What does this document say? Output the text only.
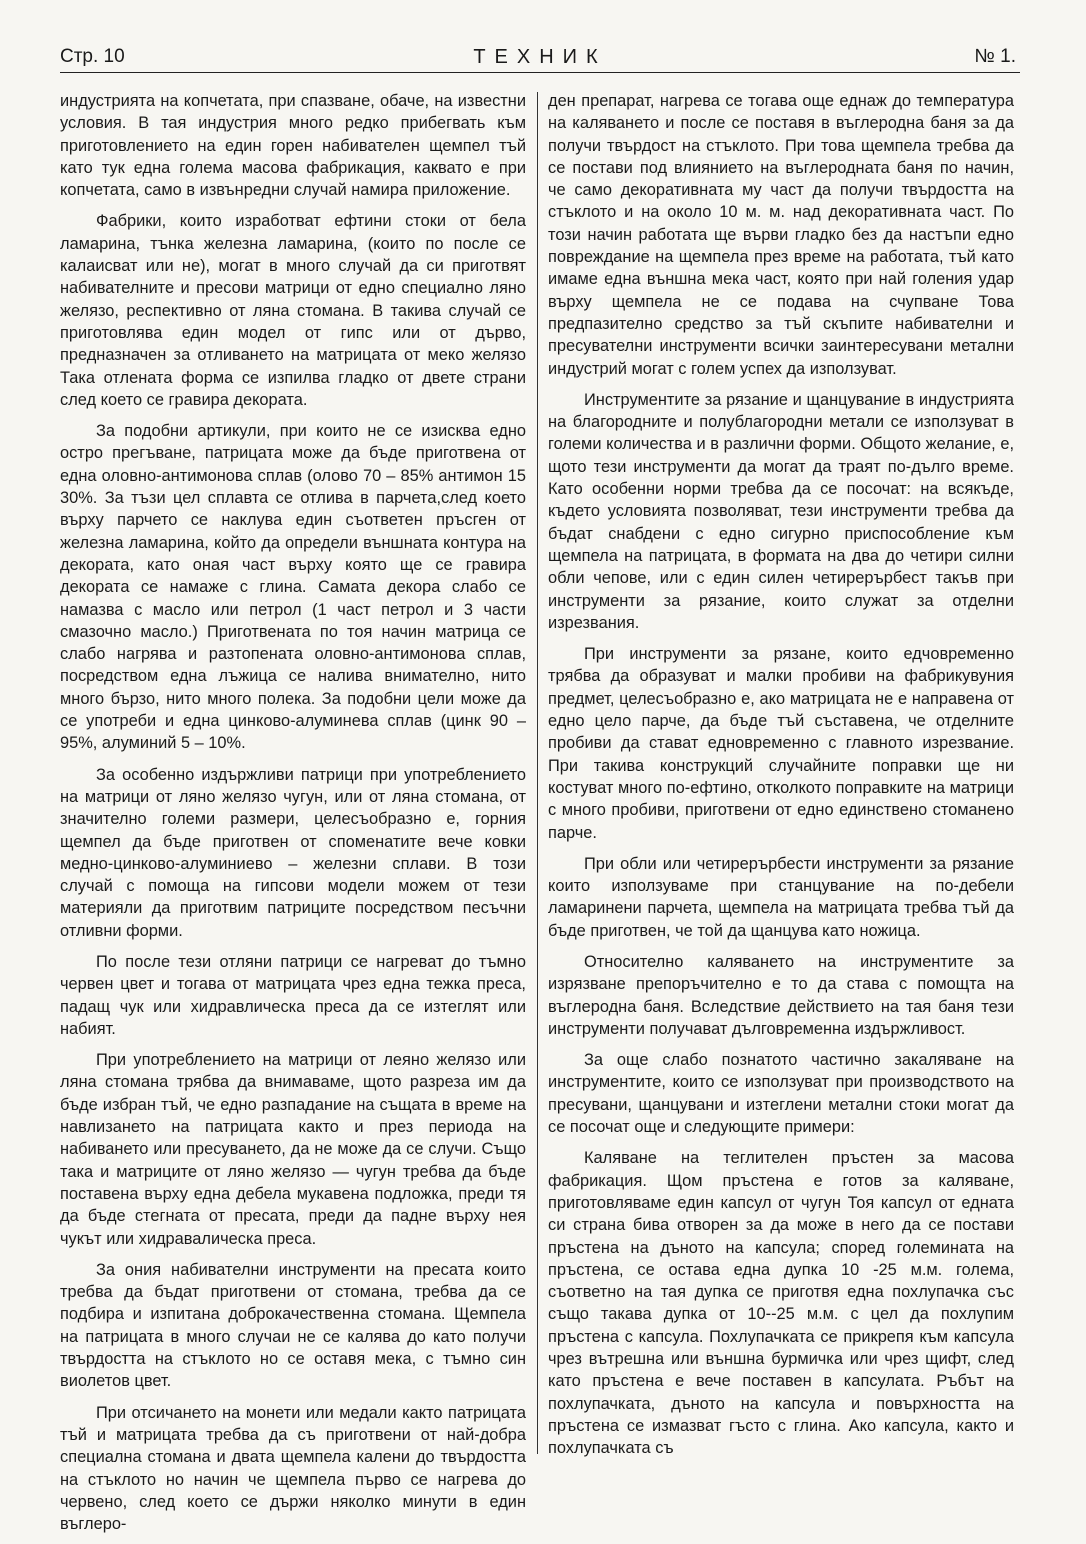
Стр. 10	ТЕХНИК	№ 1.

индустрията на копчетата, при спазване, обаче, на известни условия. В тая индустрия много редко прибегвать към приготовлението на един горен набивателен щемпел тъй като тук една голема масова фабрикация, каквато е при копчетата, само в извънредни случай намира приложение.

Фабрики, които изработват ефтини стоки от бела ламарина, тънка железна ламарина, (които по после се калаисват или не), могат в много случай да си приготвят набивателните и пресови матрици от едно специално ляно желязо, респективно от ляна стомана. В такива случай се приготовлява един модел от гипс или от дърво, предназначен за отливането на матрицата от меко желязо Така отлената форма се изпилва гладко от двете страни след което се гравира декората.

За подобни артикули, при които не се изисква едно остро прегъване, патрицата може да бъде приготвена от една оловно-антимонова сплав (олово 70 – 85% антимон 15 30%. За тъзи цел сплавта се отлива в парчета,след което върху парчето се наклува един съответен пръсген от железна ламарина, който да определи външната контура на декората, като оная част върху която ще се гравира декората се намаже с глина. Самата декора слабо се намазва с масло или петрол (1 част петрол и 3 части смазочно масло.) Приготвената по тоя начин матрица се слабо нагрява и разтопената оловно-антимонова сплав, посредством една лъжица се налива внимателно, нито много бързо, нито много полека. За подобни цели може да се употреби и една цинково-алуминева сплав (цинк 90 – 95%, алуминий 5 – 10%.

За особенно издържливи патрици при употреблението на матрици от ляно желязо чугун, или от ляна стомана, от значително големи размери, целесъобразно е, горния щемпел да бъде приготвен от споменатите вече ковки медно-цинково-алуминиево – железни сплави. В този случай с помоща на гипсови модели можем от тези материяли да приготвим патриците посредством песъчни отливни форми.

По после тези отляни патрици се нагреват до тъмно червен цвет и тогава от матрицата чрез една тежка преса, падащ чук или хидравлическа преса да се изтеглят или набият.

При употреблението на матрици от леяно желязо или ляна стомана трябва да внимаваме, щото разреза им да бъде избран тъй, че едно разпадание на същата в време на навлизането на патрицата както и през периода на набиването или пресуването, да не може да се случи. Също така и матриците от ляно желязо — чугун требва да бъде поставена върху една дебела мукавена подложка, преди тя да бъде стегната от пресата, преди да падне върху нея чукът или хидравалическа преса.

За ония набивателни инструменти на пресата които требва да бъдат приготвени от стомана, требва да се подбира и изпитана доброкачественна стомана. Щемпела на патрицата в много случаи не се калява до като получи твърдостта на стъклото но се оставя мека, с тъмно син виолетов цвет.

При отсичането на монети или медали както патрицата тъй и матрицата требва да съ приготвени от най-добра специална стомана и двата щемпела калени до твърдостта на стъклото но начин че щемпела първо се нагрева до червено, след което се държи няколко минути в един въглеро-

ден препарат, нагрева се тогава още еднаж до температура на каляването и после се поставя в въглеродна баня за да получи твърдост на стъклото. При това щемпела требва да се постави под влиянието на въглеродната баня по начин, че само декоративната му част да получи твърдостта на стъклото и на около 10 м. м. над декоративната част. По този начин работата ще върви гладко без да настъпи едно повреждание на щемпела през време на работата, тъй като имаме една външна мека част, която при най голения удар върху щемпела не се подава на счупване Това предпазително средство за тъй скъпите набивателни и пресувателни инструменти всички заинтересувани метални индустрий могат с голем успех да използуват.

Инструментите за рязание и щанцувание в индустрията на благородните и полублагородни метали се използуват в големи количества и в различни форми. Общото желание, е, щото тези инструменти да могат да траят по-дълго време. Като особенни норми требва да се посочат: на всякъде, където условията позволяват, тези инструменти требва да бъдат снабдени с едно сигурно приспособление към щемпела на патрицата, в формата на два до четири силни обли чепове, или с един силен четирерърбест такъв при инструменти за рязание, които служат за отделни изрезвания.

При инструменти за рязане, които едчовременно трябва да образуват и малки пробиви на фабрикувуния предмет, целесъобразно е, ако матрицата не е направена от едно цело парче, да бъде тъй съставена, че отделните пробиви да стават едновременно с главното изрезвание. При такива конструкций случайните поправки ще ни костуват много по-ефтино, отколкото поправките на матрици с много пробиви, приготвени от едно единствено стоманено парче.

При обли или четирерърбести инструменти за рязание които използуваме при станцувание на по-дебели ламаринени парчета, щемпела на матрицата требва тъй да бъде приготвен, че той да щанцува като ножица.

Относително каляването на инструментите за изрязване препоръчително е то да става с помощта на въглеродна баня. Вследствие действието на тая баня тези инструменти получават дълговременна издържливост.

За още слабо познатото частично закаляване на инструментите, които се използуват при производството на пресувани, щанцувани и изтеглени метални стоки могат да се посочат още и следующите примери:

Каляване на теглителен пръстен за масова фабрикация. Щом пръстена е готов за каляване, приготовляваме един капсул от чугун Тоя капсул от едната си страна бива отворен за да може в него да се постави пръстена на дъното на капсула; според големината на пръстена, се остава една дупка 10 -25 м.м. голема, съответно на тая дупка се приготвя една похлупачка със също такава дупка от 10--25 м.м. с цел да похлупим пръстена с капсула. Похлупачката се прикрепя към капсула чрез вътрешна или външна бурмичка или чрез щифт, след като пръстена е вече поставен в капсулата. Ръбът на похлупачката, дъното на капсула и повърхността на пръстена се измазват гъсто с глина. Ако капсула, както и похлупачката съ
